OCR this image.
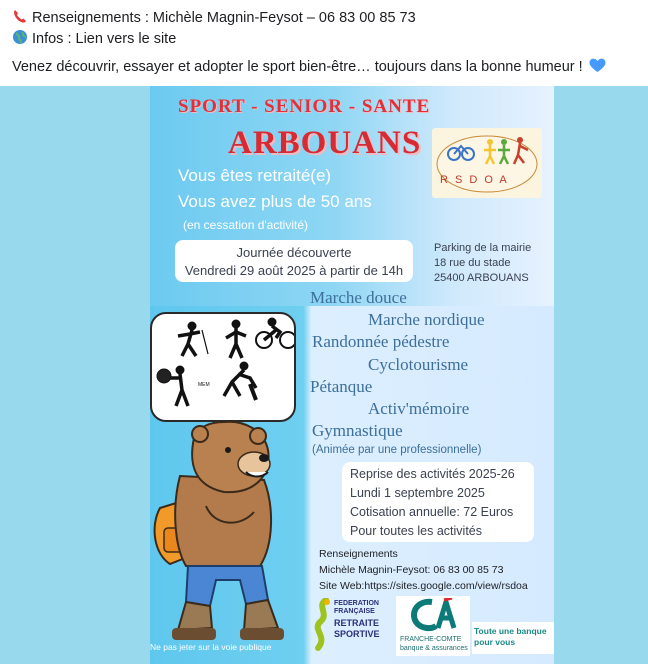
Renseignements : Michèle Magnin-Feysot – 06 83 00 85 73
Infos : Lien vers le site
Venez découvrir, essayer et adopter le sport bien-être… toujours dans la bonne humeur !
SPORT - SENIOR - SANTE
ARBOUANS
R S D O A
Vous êtes retraité(e)
Vous avez plus de 50 ans
(en cessation d'activité)
Journée découverte
Vendredi 29 août 2025 à partir de 14h
Parking de la mairie
18 rue du stade
25400 ARBOUANS
Marche douce
Marche nordique
Randonnée pédestre
Cyclotourisme
Pétanque
Activ'mémoire
Gymnastique
(Animée par une professionnelle)
MEM
Reprise des activités 2025-26
Lundi 1 septembre 2025
Cotisation annuelle: 72 Euros
Pour toutes les activités
Renseignements
Michèle Magnin-Feysot: 06 83 00 85 73
Site Web:https://sites.google.com/view/rsdoa
FEDERATION
FRANÇAISE
RETRAITE
SPORTIVE
FRANCHE-COMTE
banque & assurances
Toute une banque
pour vous
Ne pas jeter sur la voie publique
